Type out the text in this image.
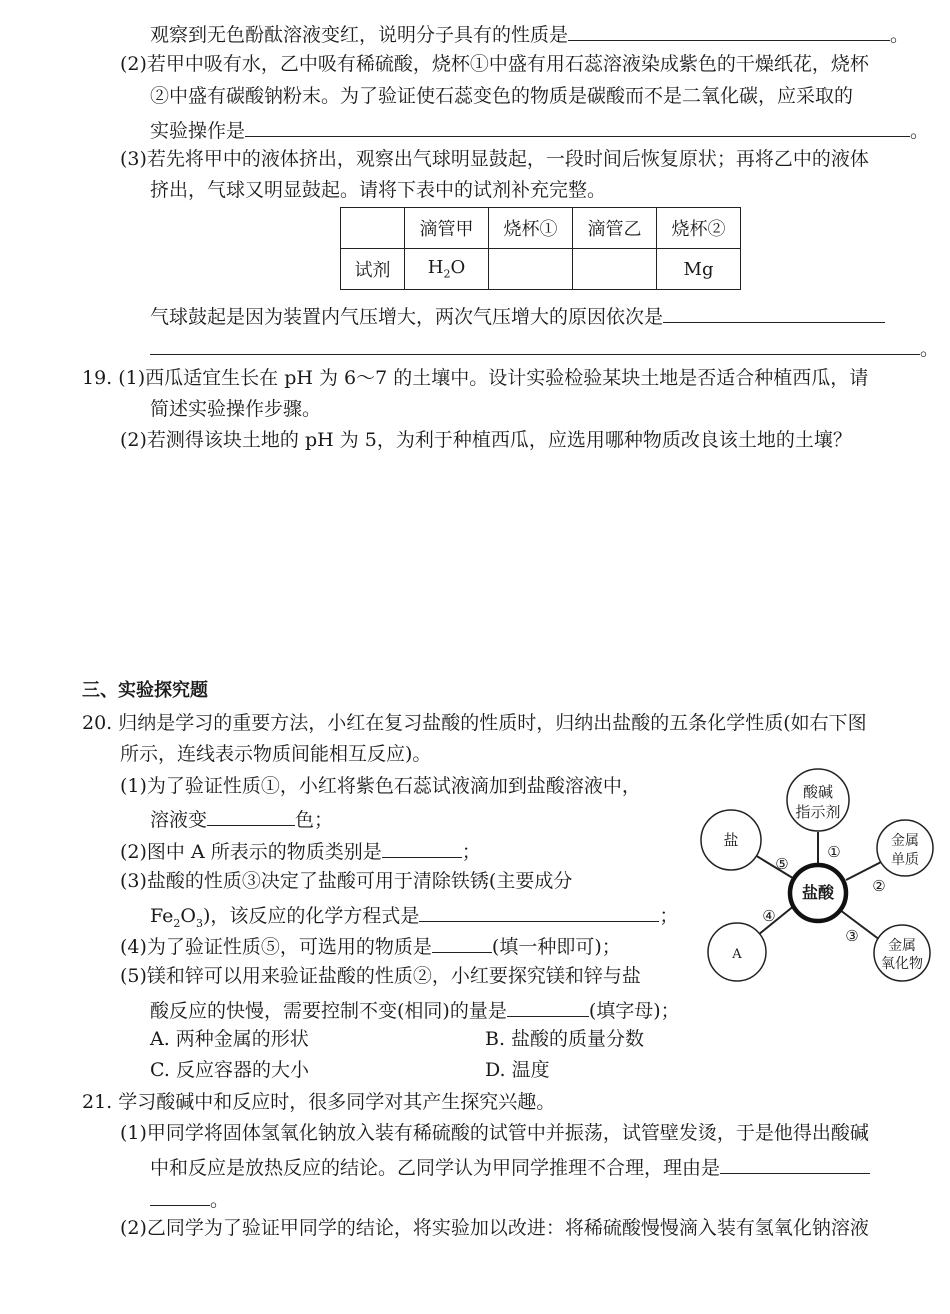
观察到无色酚酞溶液变红，说明分子具有的性质是	。
(2)若甲中吸有水，乙中吸有稀硫酸，烧杯①中盛有用石蕊溶液染成紫色的干燥纸花，烧杯
②中盛有碳酸钠粉末。为了验证使石蕊变色的物质是碳酸而不是二氧化碳，应采取的
实验操作是	。
(3)若先将甲中的液体挤出，观察出气球明显鼓起，一段时间后恢复原状；再将乙中的液体
挤出，气球又明显鼓起。请将下表中的试剂补充完整。
	滴管甲	烧杯①	滴管乙	烧杯②
试剂	$H_2O$			Mg
气球鼓起是因为装置内气压增大，两次气压增大的原因依次是
。
19. (1)西瓜适宜生长在 pH 为 6～7 的土壤中。设计实验检验某块土地是否适合种植西瓜，请
简述实验操作步骤。
(2)若测得该块土地的 pH 为 5，为利于种植西瓜，应选用哪种物质改良该土地的土壤？
三、实验探究题
20. 归纳是学习的重要方法，小红在复习盐酸的性质时，归纳出盐酸的五条化学性质(如右下图
所示，连线表示物质间能相互反应)。
(1)为了验证性质①，小红将紫色石蕊试液滴加到盐酸溶液中，
溶液变	色；
(2)图中 A 所表示的物质类别是	；
(3)盐酸的性质③决定了盐酸可用于清除铁锈(主要成分
$Fe_2O_3$)，该反应的化学方程式是	；
(4)为了验证性质⑤，可选用的物质是	(填一种即可)；
(5)镁和锌可以用来验证盐酸的性质②，小红要探究镁和锌与盐
酸反应的快慢，需要控制不变(相同)的量是	(填字母)；
A. 两种金属的形状	B. 盐酸的质量分数
C. 反应容器的大小	D. 温度
盐酸
酸碱
指示剂
金属
单质
金属
氧化物
盐
A
①
②
③
④
⑤
21. 学习酸碱中和反应时，很多同学对其产生探究兴趣。
(1)甲同学将固体氢氧化钠放入装有稀硫酸的试管中并振荡，试管壁发烫，于是他得出酸碱
中和反应是放热反应的结论。乙同学认为甲同学推理不合理，理由是
。
(2)乙同学为了验证甲同学的结论，将实验加以改进：将稀硫酸慢慢滴入装有氢氧化钠溶液
